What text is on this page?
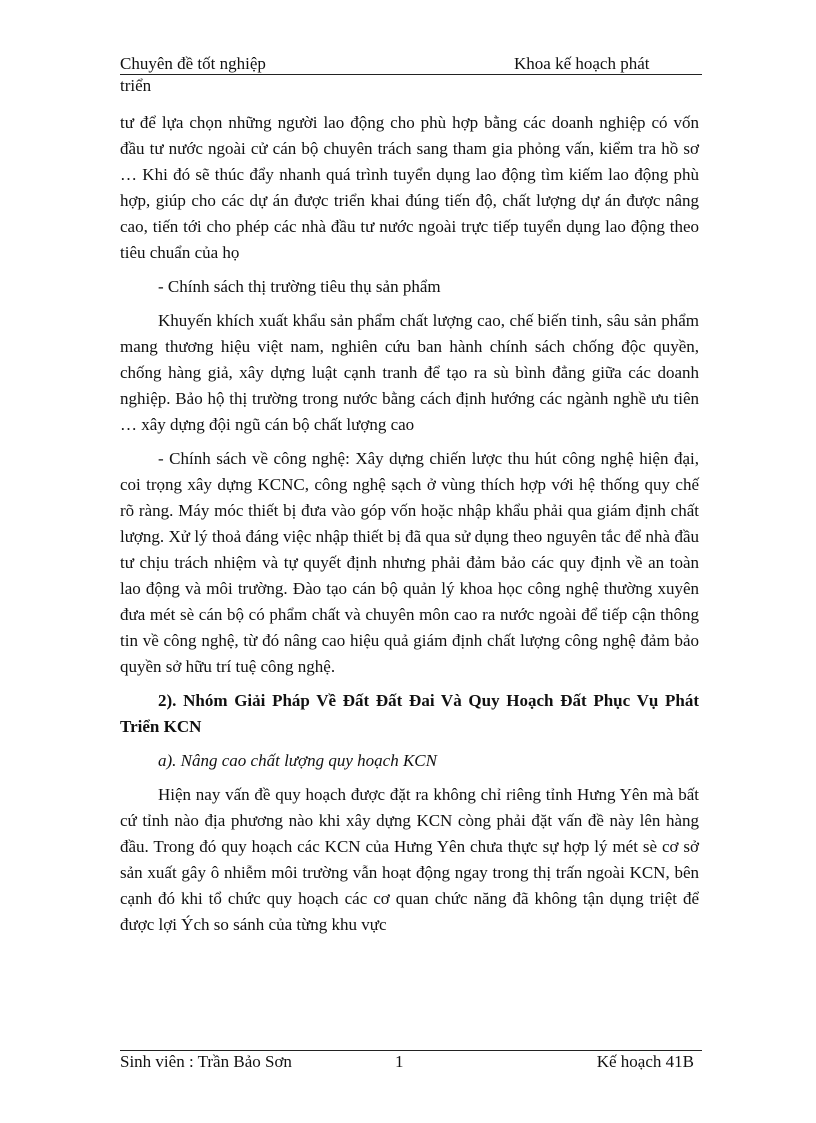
Chuyên đề tốt nghiệp	Khoa kế hoạch phát
triển

tư để lựa chọn những người lao động cho phù hợp bằng các doanh nghiệp có vốn đầu tư nước ngoài cử cán bộ chuyên trách sang tham gia phỏng vấn, kiểm tra hồ sơ … Khi đó sẽ thúc đẩy nhanh quá trình tuyển dụng lao động tìm kiếm lao động phù hợp, giúp cho các dự án được triển khai đúng tiến độ, chất lượng dự án được nâng cao, tiến tới cho phép các nhà đầu tư nước ngoài trực tiếp tuyển dụng lao động theo tiêu chuẩn của họ

- Chính sách thị trường tiêu thụ sản phẩm

Khuyến khích xuất khẩu sản phẩm chất lượng cao, chế biến tinh, sâu sản phẩm mang thương hiệu việt nam, nghiên cứu ban hành chính sách chống độc quyền, chống hàng giả, xây dựng luật cạnh tranh để tạo ra sù bình đẳng giữa các doanh nghiệp. Bảo hộ thị trường trong nước bằng cách định hướng các ngành nghề ưu tiên … xây dựng đội ngũ cán bộ chất lượng cao

- Chính sách về công nghệ: Xây dựng chiến lược thu hút công nghệ hiện đại, coi trọng xây dựng KCNC, công nghệ sạch ở vùng thích hợp với hệ thống quy chế rõ ràng. Máy móc thiết bị đưa vào góp vốn hoặc nhập khẩu phải qua giám định chất lượng. Xử lý thoả đáng việc nhập thiết bị đã qua sử dụng theo nguyên tắc để nhà đầu tư chịu trách nhiệm và tự quyết định nhưng phải đảm bảo các quy định về an toàn lao động và môi trường. Đào tạo cán bộ quản lý khoa học công nghệ thường xuyên đưa mét sè cán bộ có phẩm chất và chuyên môn cao ra nước ngoài để tiếp cận thông tin về công nghệ, từ đó nâng cao hiệu quả giám định chất lượng công nghệ đảm bảo quyền sở hữu trí tuệ công nghệ.

2). Nhóm Giải Pháp Về Đất Đất Đai Và Quy Hoạch Đất Phục Vụ Phát Triển KCN

a). Nâng cao chất lượng quy hoạch KCN

Hiện nay vấn đề quy hoạch được đặt ra không chỉ riêng tỉnh Hưng Yên mà bất cứ tỉnh nào địa phương nào khi xây dựng KCN còng phải đặt vấn đề này lên hàng đầu. Trong đó quy hoạch các KCN của Hưng Yên chưa thực sự hợp lý mét sè cơ sở sản xuất gây ô nhiễm môi trường vẫn hoạt động ngay trong thị trấn ngoài KCN, bên cạnh đó khi tổ chức quy hoạch các cơ quan chức năng đã không tận dụng triệt để được lợi Ých so sánh của từng khu vực

Sinh viên : Trần Bảo Sơn	1	Kế hoạch 41B
